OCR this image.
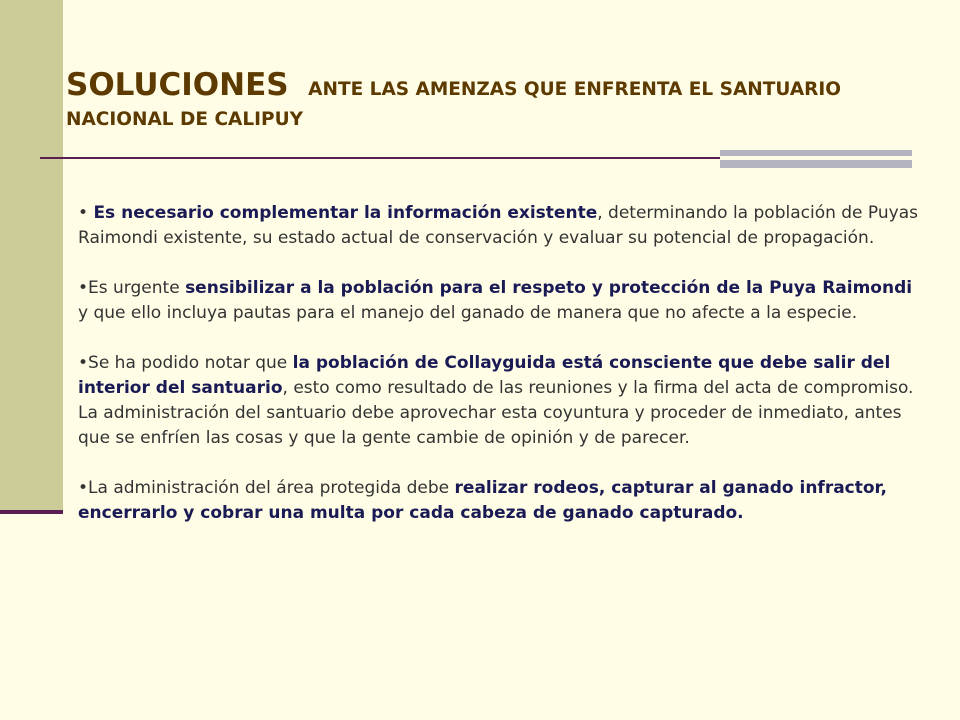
SOLUCIONES ANTE LAS AMENZAS QUE ENFRENTA EL SANTUARIO
NACIONAL DE CALIPUY

• Es necesario complementar la información existente, determinando la población de Puyas Raimondi existente, su estado actual de conservación y evaluar su potencial de propagación.

•Es urgente sensibilizar a la población para el respeto y protección de la Puya Raimondi y que ello incluya pautas para el manejo del ganado de manera que no afecte a la especie.

•Se ha podido notar que la población de Collayguida está consciente que debe salir del interior del santuario, esto como resultado de las reuniones y la firma del acta de compromiso. La administración del santuario debe aprovechar esta coyuntura y proceder de inmediato, antes que se enfríen las cosas y que la gente cambie de opinión y de parecer.

•La administración del área protegida debe realizar rodeos, capturar al ganado infractor, encerrarlo y cobrar una multa por cada cabeza de ganado capturado.
